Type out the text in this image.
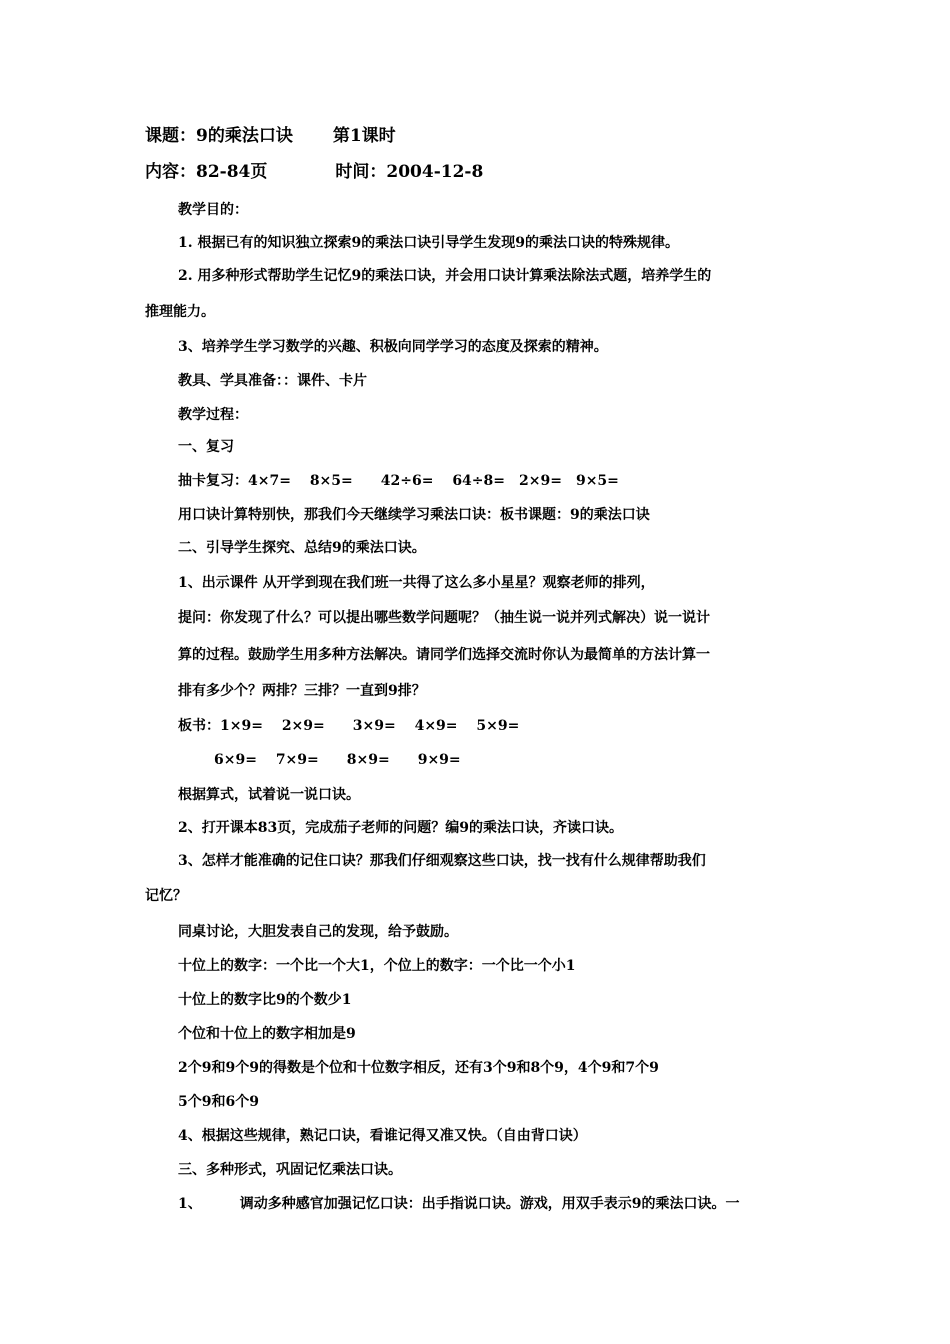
课题：9的乘法口诀 第1课时
内容：82-84页	时间：2004-12-8
教学目的：
1. 根据已有的知识独立探索9的乘法口诀引导学生发现9的乘法口诀的特殊规律。
2. 用多种形式帮助学生记忆9的乘法口诀，并会用口诀计算乘法除法式题，培养学生的
推理能力。
3、培养学生学习数学的兴趣、积极向同学学习的态度及探索的精神。
教具、学具准备：：课件、卡片
教学过程：
一、复习
抽卡复习：4×7=　 8×5=　　42÷6=　 64÷8=　2×9=　9×5=
用口诀计算特别快，那我们今天继续学习乘法口诀：板书课题：9的乘法口诀
二、引导学生探究、总结9的乘法口诀。
1、出示课件 从开学到现在我们班一共得了这么多小星星？观察老师的排列，
提问：你发现了什么？可以提出哪些数学问题呢？（抽生说一说并列式解决）说一说计
算的过程。鼓励学生用多种方法解决。请同学们选择交流时你认为最简单的方法计算一
排有多少个？两排？三排？一直到9排？
板书：1×9=　 2×9=　　3×9=　 4×9=　 5×9=
6×9=　 7×9=　　8×9=　　9×9=
根据算式，试着说一说口诀。
2、打开课本83页，完成茄子老师的问题？编9的乘法口诀，齐读口诀。
3、怎样才能准确的记住口诀？那我们仔细观察这些口诀，找一找有什么规律帮助我们
记忆？
同桌讨论，大胆发表自己的发现，给予鼓励。
十位上的数字：一个比一个大1，个位上的数字：一个比一个小1
十位上的数字比9的个数少1
个位和十位上的数字相加是9
2个9和9个9的得数是个位和十位数字相反，还有3个9和8个9，4个9和7个9
5个9和6个9
4、根据这些规律，熟记口诀，看谁记得又准又快。（自由背口诀）
三、多种形式，巩固记忆乘法口诀。
1、	调动多种感官加强记忆口诀：出手指说口诀。游戏，用双手表示9的乘法口诀。一
